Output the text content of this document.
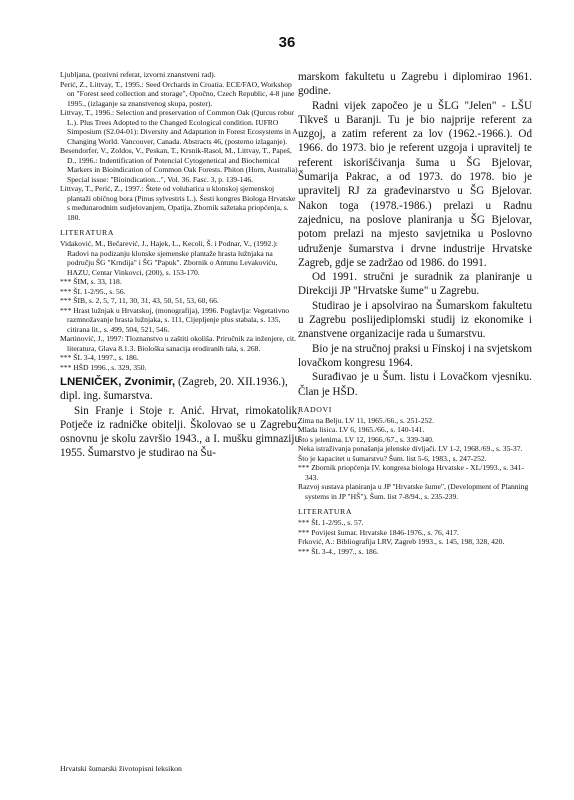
36

Ljubljana, (pozivni referat, izvorni znanstveni rad).

Perić, Z., Littvay, T., 1995.: Seed Orchards in Croatia. ECE/FAO, Workshop on "Forest seed collection and storage", Opočno, Czech Republic, 4-8 june 1995., (izlaganje sa znanstvenog skupa, poster).

Littvay, T., 1996.: Selection and preservation of Common Oak (Qurcus robur L.). Plus Trees Adopted to the Changed Ecological condition. IUFRO Simposium (S2.04-01): Diversity and Adaptation in Forest Ecosystems in A Changing World. Vancouver, Canada. Abstracts 46, (posterno izlaganje).

Besendorfer, V., Zoldos, V., Peskan, T., Krsnik-Rasol, M., Littvay, T., Papeš, D., 1996.: Indentification of Potencial Cytogenetical and Biochemical Markers in Bioindication of Common Oak Forests. Phiton (Horn, Australia). Special issue: "Bioindication...", Vol. 36. Fasc. 3, p. 139-146.

Littvay, T., Perić, Z., 1997.: Štete od voluharica u klonskoj sjemenskoj plantaži običnog bora (Pinus sylvestris L.). Šesti kongres Biologa Hrvatske s međunarodnim sudjelovanjem, Opatija, Zbornik sažetaka priopćenja, s. 180.

LITERATURA

Vidaković, M., Bečarević, J., Hajek, L., Kecoli, Š. i Podnar, V., (1992.): Radovi na podizanju klonske sjemenske plantaže hrasta lužnjaka na području ŠG "Krndija" i ŠG "Papuk". Zbornik o Antunu Levakoviću, HAZU, Centar Vinkovci, (200), s. 153-170.

*** ŠIM, s. 33, 118.

*** ŠL 1-2/95., s. 56.

*** ŠIB, s. 2, 5, 7, 11, 30, 31, 43, 50, 51, 53, 60, 66.

*** Hrast lužnjak u Hrvatskoj, (monografija), 1996. Poglavlja: Vegetativno razmnožavanje hrasta lužnjaka, s. 111, Cijepljenje plus stabala, s. 135, citirana lit., s. 499, 504, 521, 546.

Martinović, J., 1997: Tloznanstvo u zaštiti okoliša. Priručnik za inženjere, cit. literatura, Glava 8.1.3. Biološka sanacija erodiranih tala, s. 268.

*** ŠL 3-4, 1997., s. 186.

*** HŠD 1996., s. 329, 350.

LNENIČEK, Zvonimir, (Zagreb, 20. XII.1936.), dipl. ing. šumarstva.

Sin Franje i Stoje r. Anić. Hrvat, rimokatolik. Potječe iz radničke obitelji. Školovao se u Zagrebu: osnovnu je skolu završio 1943., a I. mušku gimnaziju 1955. Šumarstvo je studirao na Šu-

marskom fakultetu u Zagrebu i diplomirao 1961. godine.

Radni vijek započeo je u ŠLG "Jelen" - LŠU Tikveš u Baranji. Tu je bio najprije referent za uzgoj, a zatim referent za lov (1962.-1966.). Od 1966. do 1973. bio je referent uzgoja i upravitelj te referent iskorišćivanja šuma u ŠG Bjelovar, Šumarija Pakrac, a od 1973. do 1978. bio je upravitelj RJ za građevinarstvo u ŠG Bjelovar. Nakon toga (1978.-1986.) prelazi u Radnu zajednicu, na poslove planiranja u ŠG Bjelovar, potom prelazi na mjesto savjetnika u Poslovno udruženje šumarstva i drvne industrije Hrvatske Zagreb, gdje se zadržao od 1986. do 1991.

Od 1991. stručni je suradnik za planiranje u Direkciji JP "Hrvatske šume" u Zagrebu.

Studirao je i apsolvirao na Šumarskom fakultetu u Zagrebu poslijediplomski studij iz ekonomike i znanstvene organizacije rada u šumarstvu.

Bio je na stručnoj praksi u Finskoj i na svjetskom lovačkom kongresu 1964.

Surađivao je u Šum. listu i Lovačkom vjesniku. Član je HŠD.

RADOVI

Zima na Belju. LV 11, 1965./66., s. 251-252.

Mlada lisica. LV 6, 1965./66., s. 140-141.

Što s jelenima. LV 12, 1966./67., s. 339-340.

Neka istraživanja ponašanja jelenske divljači. LV 1-2, 1968./69., s. 35-37.

Što je kapacitet u šumarstvu? Šum. list 5-6, 1983., s. 247-252.

*** Zbornik priopćenja IV. kongresa biologa Hrvatske - XL/1993., s. 341-343.

Razvoj sustava planiranja u JP "Hrvatske šume", (Development of Planning systems in JP "HŠ"). Šum. list 7-8/94., s. 235-239.

LITERATURA

*** ŠL 1-2/95., s. 57.

*** Povijest šumar. Hrvatske 1846-1976., s. 76, 417.

Frković, A.: Bibliografija LRV, Zagreb 1993., s. 145, 198, 328, 420.

*** ŠL 3-4., 1997., s. 186.

Hrvatski šumarski životopisni leksikon
